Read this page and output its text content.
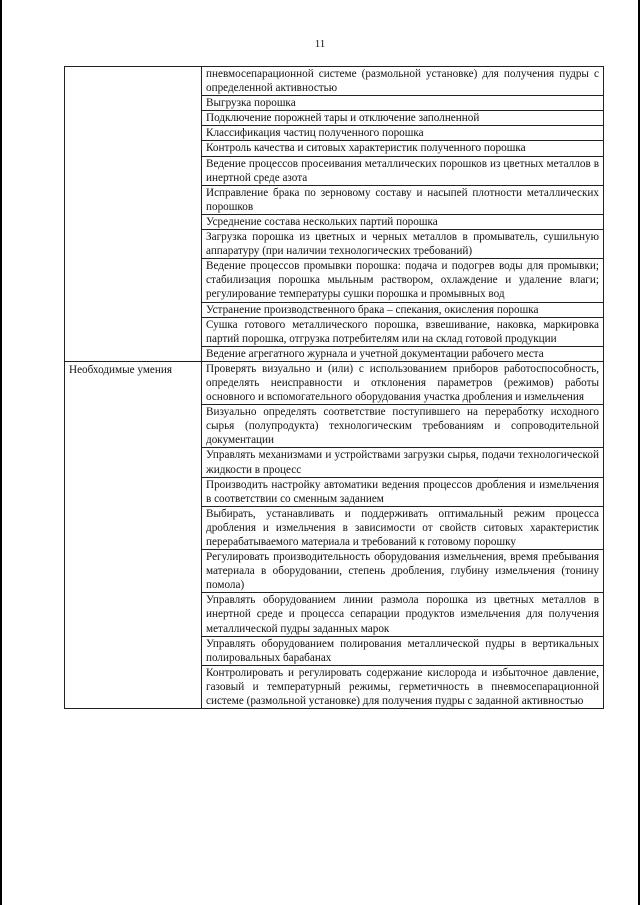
11
	пневмосепарационной системе (размольной установке) для получения пудры с определенной активностью
	Выгрузка порошка
	Подключение порожней тары и отключение заполненной
	Классификация частиц полученного порошка
	Контроль качества и ситовых характеристик полученного порошка
	Ведение процессов просеивания металлических порошков из цветных металлов в инертной среде азота
	Исправление брака по зерновому составу и насыпей плотности металлических порошков
	Усреднение состава нескольких партий порошка
	Загрузка порошка из цветных и черных металлов в промыватель, сушильную аппаратуру (при наличии технологических требований)
	Ведение процессов промывки порошка: подача и подогрев воды для промывки; стабилизация порошка мыльным раствором, охлаждение и удаление влаги; регулирование температуры сушки порошка и промывных вод
	Устранение производственного брака – спекания, окисления порошка
	Сушка готового металлического порошка, взвешивание, наковка, маркировка партий порошка, отгрузка потребителям или на склад готовой продукции
	Ведение агрегатного журнала и учетной документации рабочего места
Необходимые умения	Проверять визуально и (или) с использованием приборов работоспособность, определять неисправности и отклонения параметров (режимов) работы основного и вспомогательного оборудования участка дробления и измельчения
	Визуально определять соответствие поступившего на переработку исходного сырья (полупродукта) технологическим требованиям и сопроводительной документации
	Управлять механизмами и устройствами загрузки сырья, подачи технологической жидкости в процесс
	Производить настройку автоматики ведения процессов дробления и измельчения в соответствии со сменным заданием
	Выбирать, устанавливать и поддерживать оптимальный режим процесса дробления и измельчения в зависимости от свойств ситовых характеристик перерабатываемого материала и требований к готовому порошку
	Регулировать производительность оборудования измельчения, время пребывания материала в оборудовании, степень дробления, глубину измельчения (тонину помола)
	Управлять оборудованием линии размола порошка из цветных металлов в инертной среде и процесса сепарации продуктов измельчения для получения металлической пудры заданных марок
	Управлять оборудованием полирования металлической пудры в вертикальных полировальных барабанах
	Контролировать и регулировать содержание кислорода и избыточное давление, газовый и температурный режимы, герметичность в пневмосепарационной системе (размольной установке) для получения пудры с заданной активностью
